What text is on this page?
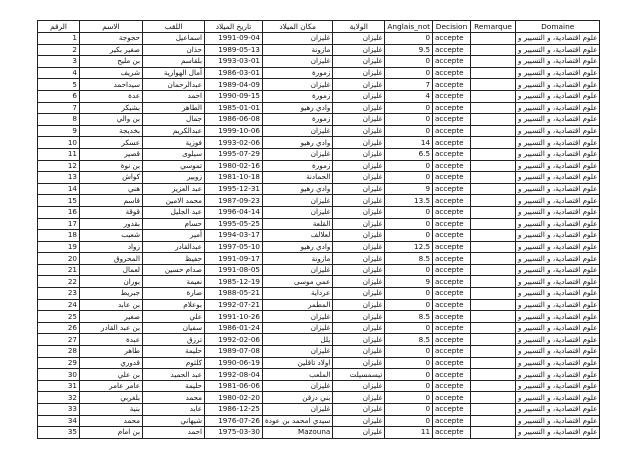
الرقم	الاسم	اللقب	تاريخ الميلاد	مكان الميلاد	الولاية	Anglais_not	Decision	Remarque	Domaine
1	حجوجة	اسماعيل	1991-09-04	غليزان	غليزان	0	accepte		علوم اقتصادية، و التسيير و
2	صغير بكير	حذان	1989-05-13	مازونة	غليزان	9.5	accepte		علوم اقتصادية، و التسيير و
3	بن مليح	بلقاسم	1993-03-01	غليزان	غليزان	0	accepte		علوم اقتصادية، و التسيير و
4	شريف	آمال الهوارية	1986-03-01	زمورة	غليزان	0	accepte		علوم اقتصادية، و التسيير و
5	سيداحمد	عبدالرحمان	1989-04-09	غليزان	غليزان	7	accepte		علوم اقتصادية، و التسيير و
6	عدة	احمد	1990-09-15	زمورة	غليزان	4	accepte		علوم اقتصادية، و التسيير و
7	بشيكر	الطاهر	1985-01-01	وادي رهيو	غليزان	0	accepte		علوم اقتصادية، و التسيير و
8	بن والي	جمال	1986-06-08	زمورة	غليزان	0	accepte		علوم اقتصادية، و التسيير و
9	بخديجة	عبدالكريم	1999-10-06	غليزان	غليزان	0	accepte		علوم اقتصادية، و التسيير و
10	عسكر	فوزية	1993-02-06	وادي رهيو	غليزان	14	accepte		علوم اقتصادية، و التسيير و
11	قصير	سيلوى	1995-07-29	غليزان	غليزان	6.5	accepte		علوم اقتصادية، و التسيير و
12	بن نوة	تموسي	1980-02-16	زمورة	غليزان	0	accepte		علوم اقتصادية، و التسيير و
13	كواش	زوبير	1981-10-18	الحمادنة	غليزان	0	accepte		علوم اقتصادية، و التسيير و
14	هني	عبد العزيز	1995-12-31	وادي رهيو	غليزان	9	accepte		علوم اقتصادية، و التسيير و
15	قاسم	محمد الامين	1987-09-23	غليزان	غليزان	13.5	accepte		علوم اقتصادية، و التسيير و
16	قوقة	عبد الجليل	1996-04-14	غليزان	غليزان	0	accepte		علوم اقتصادية، و التسيير و
17	بقدور	حسام	1995-05-25	القلعة	غليزان	0	accepte		علوم اقتصادية، و التسيير و
18	شعيب	أمير	1994-03-17	لعلالف	غليزان	0	accepte		علوم اقتصادية، و التسيير و
19	زواد	عبدالقادر	1997-05-10	وادي رهيو	غليزان	12.5	accepte		علوم اقتصادية، و التسيير و
20	المحروق	حفيظ	1991-09-17	مازونة	غليزان	8.5	accepte		علوم اقتصادية، و التسيير و
21	لعمال	صدام حسين	1991-08-05	غليزان	غليزان	0	accepte		علوم اقتصادية، و التسيير و
22	بوران	نعيمة	1985-12-19	عمي موسى	غليزان	9	accepte		علوم اقتصادية، و التسيير و
23	جبريط	صارة	1988-05-21	عرداية	غليزان	0	accepte		علوم اقتصادية، و التسيير و
24	بن عابد	بوعلام	1992-07-21	المطمر	غليزان	0	accepte		علوم اقتصادية، و التسيير و
25	صغير	علي	1991-10-26	غليزان	غليزان	8.5	accepte		علوم اقتصادية، و التسيير و
26	بن عبد القادر	سفيان	1986-01-24	غليزان	غليزان	0	accepte		علوم اقتصادية، و التسيير و
27	عبدة	ترزق	1992-02-06	يلل	غليزان	8.5	accepte		علوم اقتصادية، و التسيير و
28	طاهر	حليمة	1989-07-08	غليزان	غليزان	0	accepte		علوم اقتصادية، و التسيير و
29	قدوري	كلثوم	1990-06-19	اولاد تاقلين	غليزان	0	accepte		علوم اقتصادية، و التسيير و
30	بن علي	عبد الحميد	1992-08-04	الملعب	تيسمسيلت	0	accepte		علوم اقتصادية، و التسيير و
31	عامر عامر	حليمة	1981-06-06	غليزان	غليزان	0	accepte		علوم اقتصادية، و التسيير و
32	بلغربي	محمد	1980-02-20	بني درقن	غليزان	0	accepte		علوم اقتصادية، و التسيير و
33	بنية	عابد	1986-12-25	غليزان	غليزان	0	accepte		علوم اقتصادية، و التسيير و
34	محمد	شيهاني	1976-07-26	سيدي امحمد بن عودة	غليزان	0	accepte		علوم اقتصادية، و التسيير و
35	بن امام	احمد	1975-03-30	Mazouna	غليزان	11	accepte		علوم اقتصادية، و التسيير و
